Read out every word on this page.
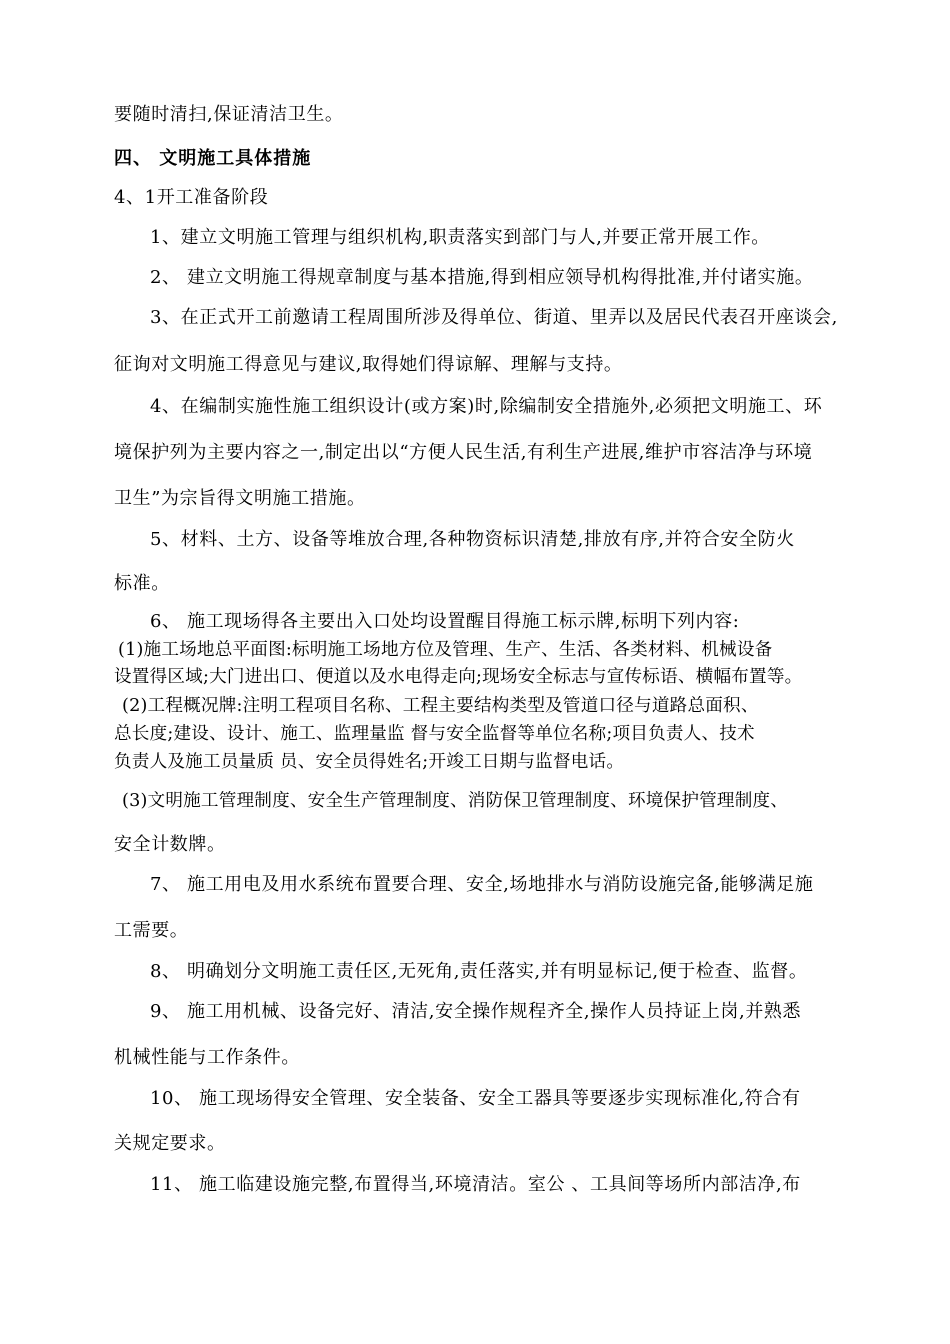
要随时清扫,保证清洁卫生。
四、 文明施工具体措施
4、1开工准备阶段
1、建立文明施工管理与组织机构,职责落实到部门与人,并要正常开展工作。
2、 建立文明施工得规章制度与基本措施,得到相应领导机构得批准,并付诸实施。
3、在正式开工前邀请工程周围所涉及得单位、街道、里弄以及居民代表召开座谈会,
征询对文明施工得意见与建议,取得她们得谅解、理解与支持。
4、在编制实施性施工组织设计(或方案)时,除编制安全措施外,必须把文明施工、环
境保护列为主要内容之一,制定出以“方便人民生活,有利生产进展,维护市容洁净与环境
卫生”为宗旨得文明施工措施。
5、材料、土方、设备等堆放合理,各种物资标识清楚,排放有序,并符合安全防火
标准。
6、 施工现场得各主要出入口处均设置醒目得施工标示牌,标明下列内容:
(1)施工场地总平面图:标明施工场地方位及管理、生产、生活、各类材料、机械设备
设置得区域;大门进出口、便道以及水电得走向;现场安全标志与宣传标语、横幅布置等。
(2)工程概况牌:注明工程项目名称、工程主要结构类型及管道口径与道路总面积、
总长度;建设、设计、施工、监理量监 督与安全监督等单位名称;项目负责人、技术
负责人及施工员量质 员、安全员得姓名;开竣工日期与监督电话。
(3)文明施工管理制度、安全生产管理制度、消防保卫管理制度、环境保护管理制度、
安全计数牌。
7、 施工用电及用水系统布置要合理、安全,场地排水与消防设施完备,能够满足施
工需要。
8、 明确划分文明施工责任区,无死角,责任落实,并有明显标记,便于检查、监督。
9、 施工用机械、设备完好、清洁,安全操作规程齐全,操作人员持证上岗,并熟悉
机械性能与工作条件。
10、 施工现场得安全管理、安全装备、安全工器具等要逐步实现标准化,符合有
关规定要求。
11、 施工临建设施完整,布置得当,环境清洁。室公 、工具间等场所内部洁净,布
